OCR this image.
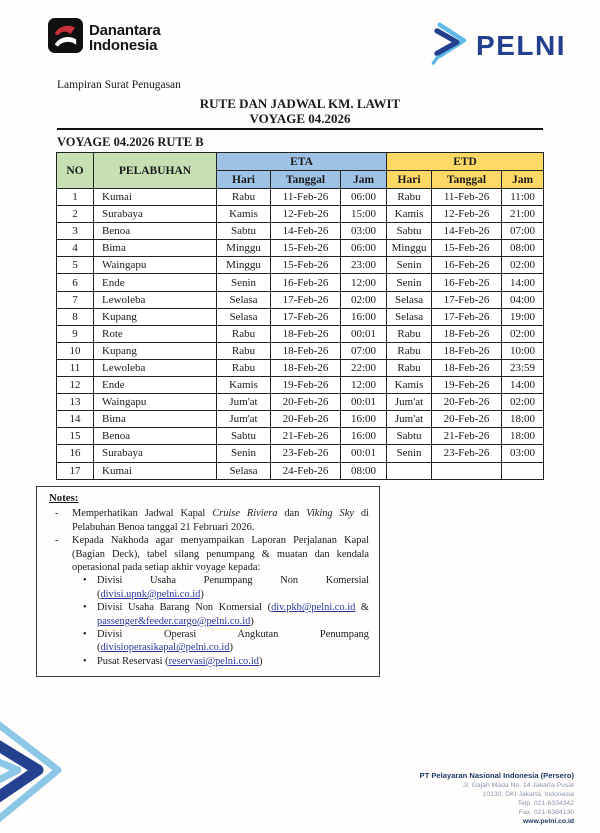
Danantara
Indonesia	PELNI
Lampiran Surat Penugasan
RUTE DAN JADWAL KM. LAWIT
VOYAGE 04.2026
VOYAGE 04.2026 RUTE B
NO	PELABUHAN	ETA			ETD		
		Hari	Tanggal	Jam	Hari	Tanggal	Jam
1	Kumai	Rabu	11-Feb-26	06:00	Rabu	11-Feb-26	11:00
2	Surabaya	Kamis	12-Feb-26	15:00	Kamis	12-Feb-26	21:00
3	Benoa	Sabtu	14-Feb-26	03:00	Sabtu	14-Feb-26	07:00
4	Bima	Minggu	15-Feb-26	06:00	Minggu	15-Feb-26	08:00
5	Waingapu	Minggu	15-Feb-26	23:00	Senin	16-Feb-26	02:00
6	Ende	Senin	16-Feb-26	12:00	Senin	16-Feb-26	14:00
7	Lewoleba	Selasa	17-Feb-26	02:00	Selasa	17-Feb-26	04:00
8	Kupang	Selasa	17-Feb-26	16:00	Selasa	17-Feb-26	19:00
9	Rote	Rabu	18-Feb-26	00:01	Rabu	18-Feb-26	02:00
10	Kupang	Rabu	18-Feb-26	07:00	Rabu	18-Feb-26	10:00
11	Lewoleba	Rabu	18-Feb-26	22:00	Rabu	18-Feb-26	23:59
12	Ende	Kamis	19-Feb-26	12:00	Kamis	19-Feb-26	14:00
13	Waingapu	Jum'at	20-Feb-26	00:01	Jum'at	20-Feb-26	02:00
14	Bima	Jum'at	20-Feb-26	16:00	Jum'at	20-Feb-26	18:00
15	Benoa	Sabtu	21-Feb-26	16:00	Sabtu	21-Feb-26	18:00
16	Surabaya	Senin	23-Feb-26	00:01	Senin	23-Feb-26	03:00
17	Kumai	Selasa	24-Feb-26	08:00			
Notes:
-	Memperhatikan Jadwal Kapal Cruise Riviera dan Viking Sky di Pelabuhan Benoa tanggal 21 Februari 2026.
-	Kepada Nakhoda agar menyampaikan Laporan Perjalanan Kapal (Bagian Deck), tabel silang penumpang & muatan dan kendala operasional pada setiap akhir voyage kepada:
• Divisi Usaha Penumpang Non Komersial (divisi.upnk@pelni.co.id)
• Divisi Usaha Barang Non Komersial (div.pkb@pelni.co.id & passenger&feeder.cargo@pelni.co.id)
• Divisi Operasi Angkutan Penumpang (divisioperasikapal@pelni.co.id)
• Pusat Reservasi (reservasi@pelni.co.id)
PT Pelayaran Nasional Indonesia (Persero)
Jl. Gajah Mada No. 14 Jakarta Pusat
10130, DKI Jakarta, Indonesia
Telp. 021-6334342
Fax. 021-6384130
www.pelni.co.id
